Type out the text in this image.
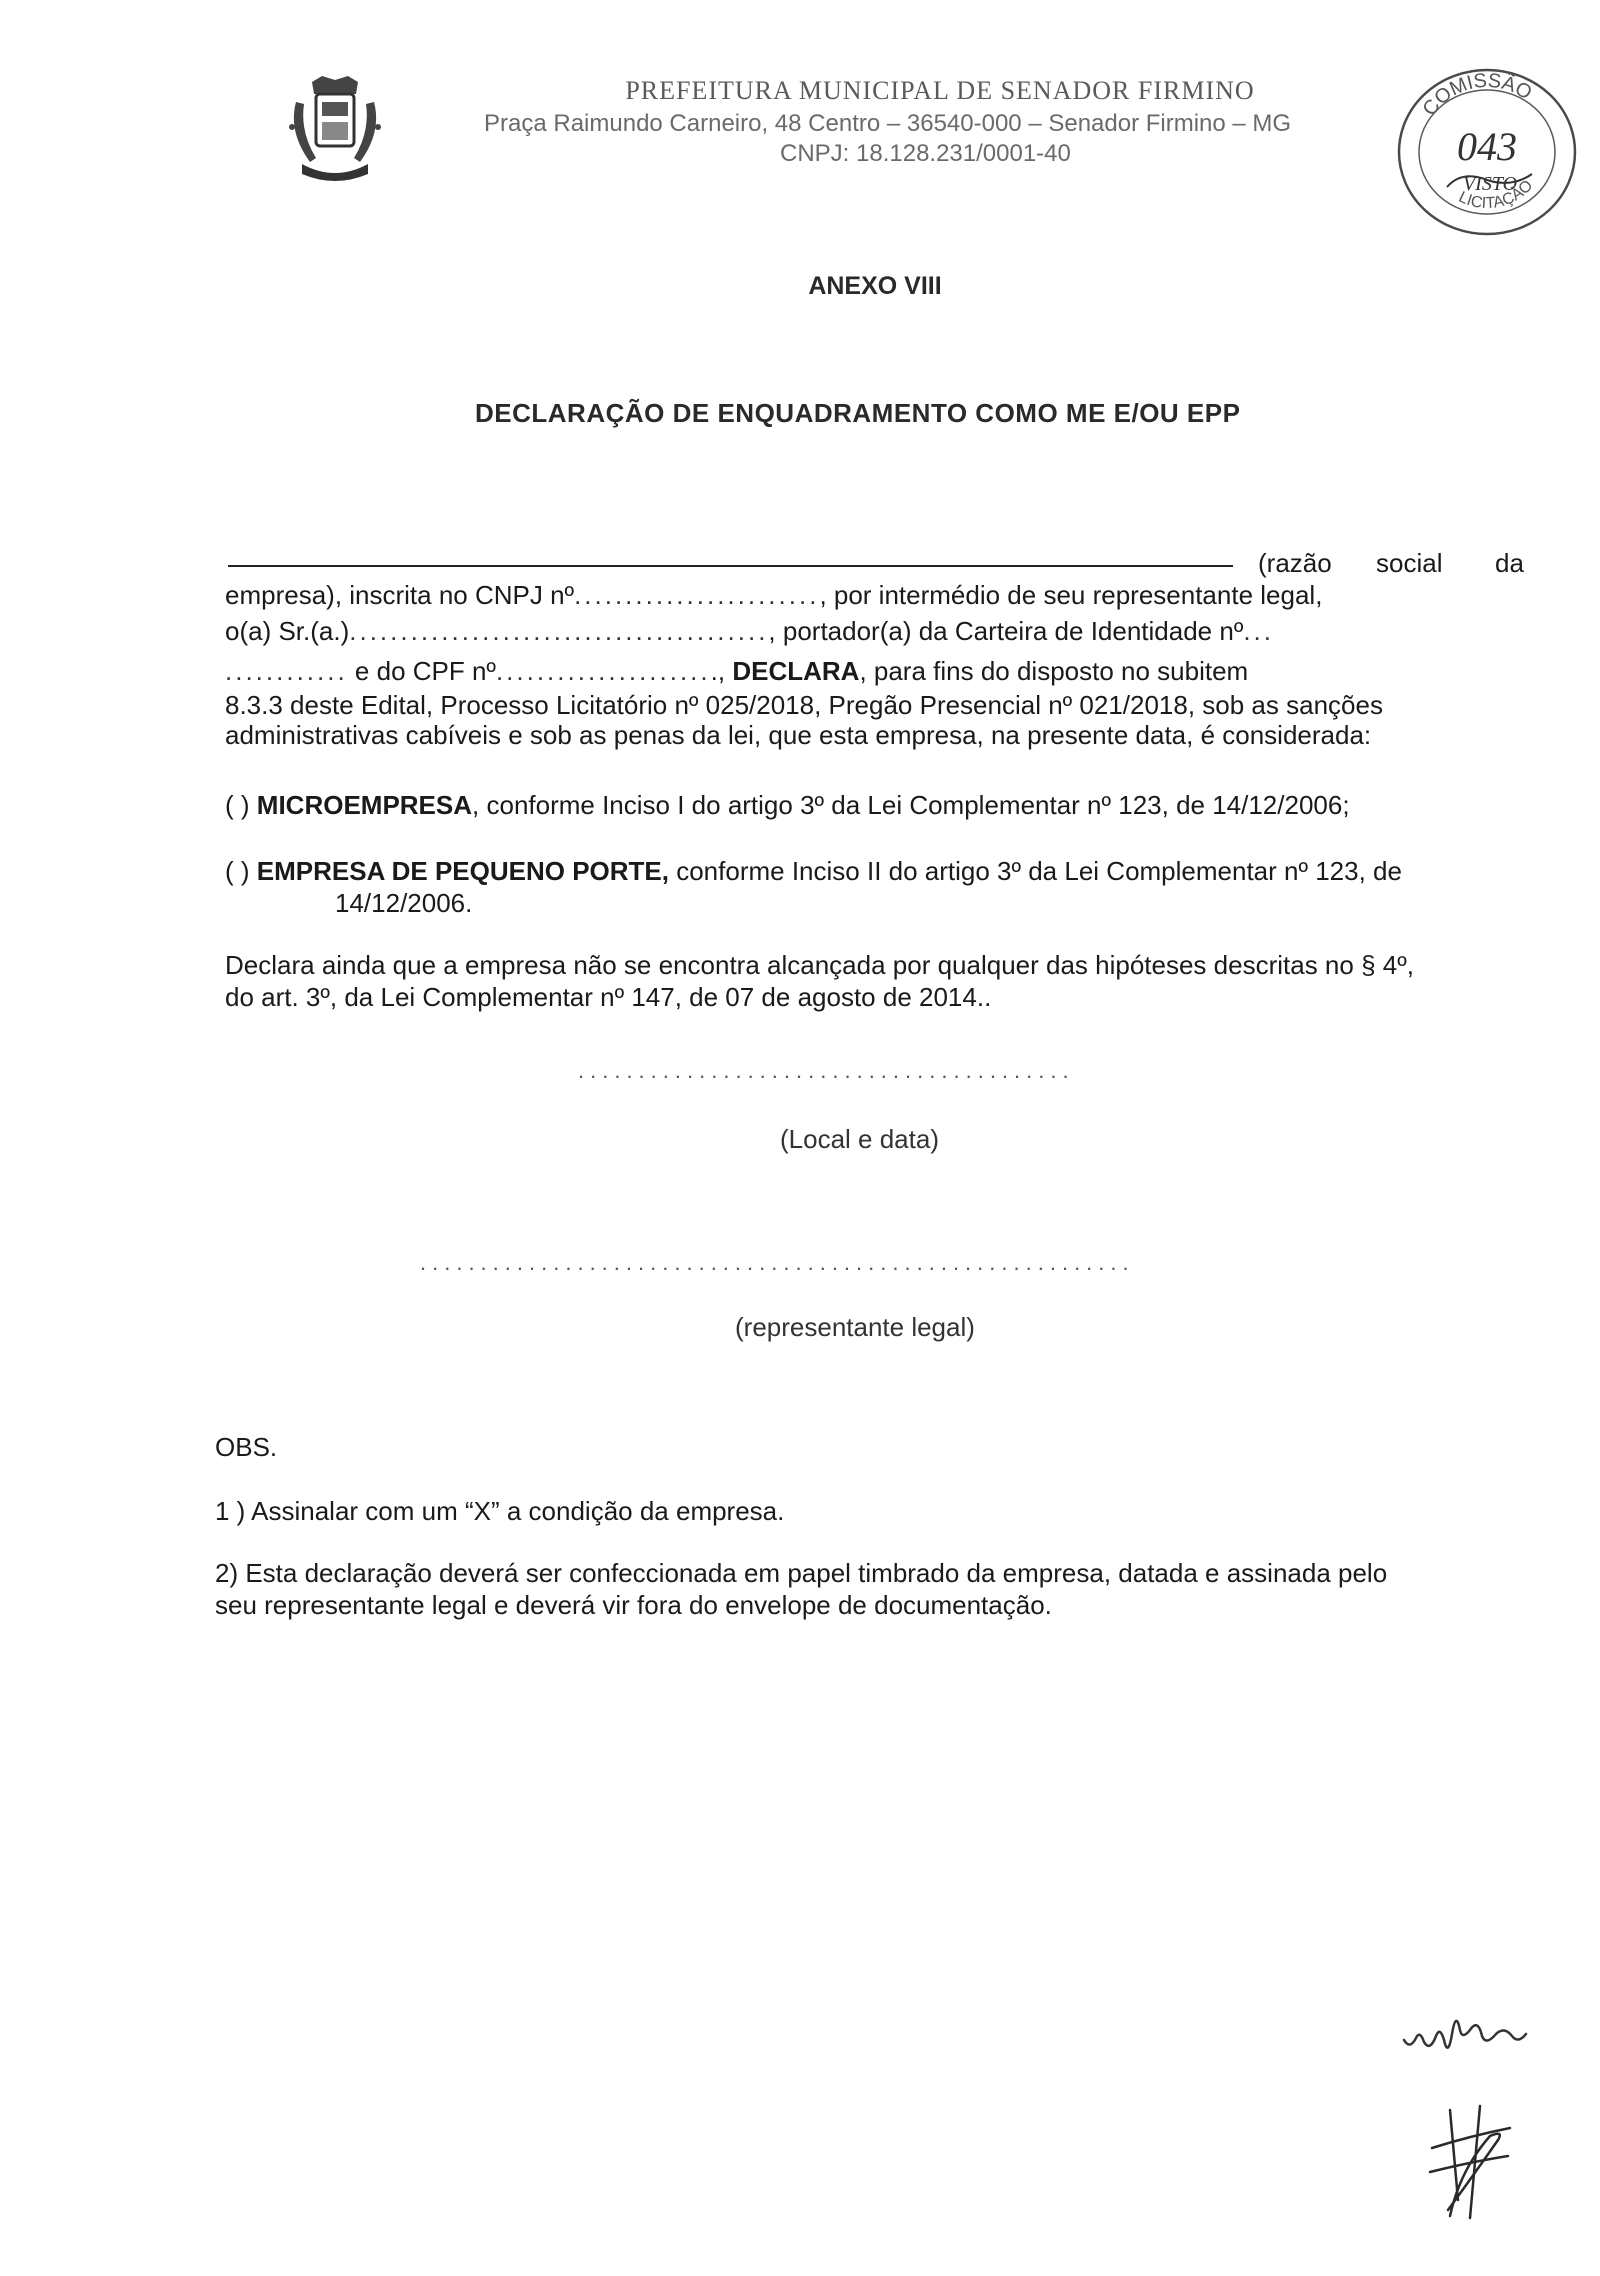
PREFEITURA MUNICIPAL DE SENADOR FIRMINO
Praça Raimundo Carneiro, 48 Centro – 36540-000 – Senador Firmino – MG
CNPJ: 18.128.231/0001-40
COMISSÃO
043
VISTO
LICITAÇÃO
ANEXO VIII
DECLARAÇÃO DE ENQUADRAMENTO COMO ME E/OU EPP
(razão social da
empresa), inscrita no CNPJ nº........................, por intermédio de seu representante legal,
o(a) Sr.(a.)........................................., portador(a) da Carteira de Identidade nº...
............ e do CPF nº......................, DECLARA, para fins do disposto no subitem
8.3.3 deste Edital, Processo Licitatório nº 025/2018, Pregão Presencial nº 021/2018, sob as sanções
administrativas cabíveis e sob as penas da lei, que esta empresa, na presente data, é considerada:
( ) MICROEMPRESA, conforme Inciso I do artigo 3º da Lei Complementar nº 123, de 14/12/2006;
( ) EMPRESA DE PEQUENO PORTE, conforme Inciso II do artigo 3º da Lei Complementar nº 123, de
14/12/2006.
Declara ainda que a empresa não se encontra alcançada por qualquer das hipóteses descritas no § 4º,
do art. 3º, da Lei Complementar nº 147, de 07 de agosto de 2014..
.........................................
(Local e data)
...........................................................
(representante legal)
OBS.
1 ) Assinalar com um “X” a condição da empresa.
2) Esta declaração deverá ser confeccionada em papel timbrado da empresa, datada e assinada pelo
seu representante legal e deverá vir fora do envelope de documentação.
